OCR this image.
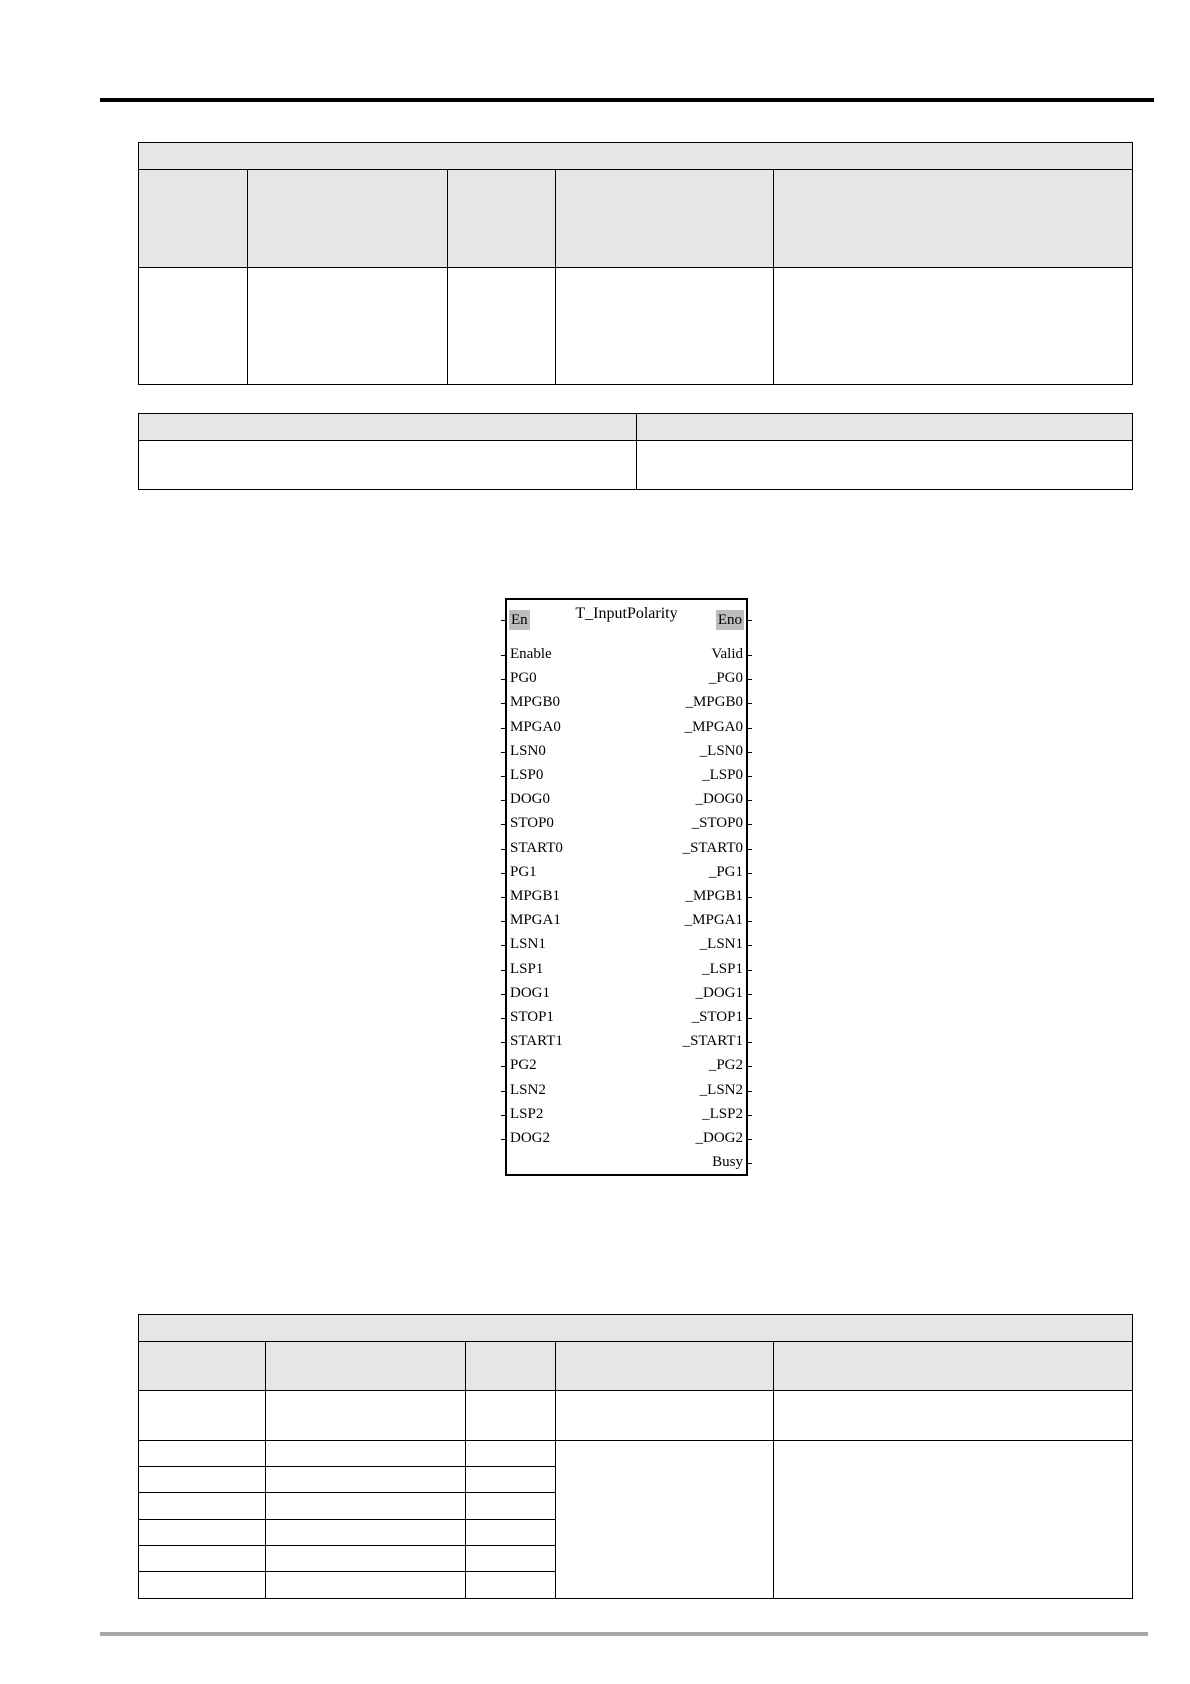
En	T_InputPolarity	Eno
Enable
PG0
MPGB0
MPGA0
LSN0
LSP0
DOG0
STOP0
START0
PG1
MPGB1
MPGA1
LSN1
LSP1
DOG1
STOP1
START1
PG2
LSN2
LSP2
DOG2
Valid
_PG0
_MPGB0
_MPGA0
_LSN0
_LSP0
_DOG0
_STOP0
_START0
_PG1
_MPGB1
_MPGA1
_LSN1
_LSP1
_DOG1
_STOP1
_START1
_PG2
_LSN2
_LSP2
_DOG2
Busy
